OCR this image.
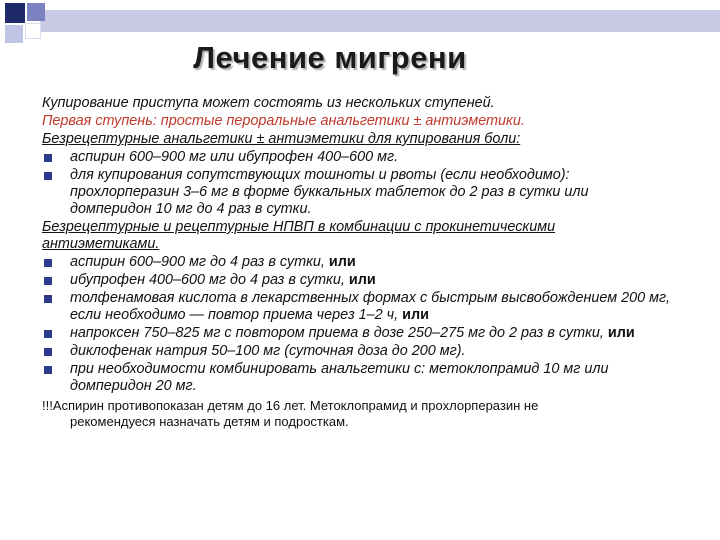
Лечение мигрени

Купирование приступа может состоять из нескольких ступеней.

Первая ступень: простые пероральные анальгетики ± антиэметики.

Безрецептурные анальгетики ± антиэметики для купирования боли:

аспирин 600–900 мг или ибупрофен 400–600 мг.
для купирования сопутствующих тошноты и рвоты (если необходимо): прохлорперазин 3–6 мг в форме буккальных таблеток до 2 раз в сутки или домперидон 10 мг до 4 раз в сутки.

Безрецептурные и рецептурные НПВП в комбинации с прокинетическими антиэметиками.

аспирин 600–900 мг до 4 раз в сутки, или
ибупрофен 400–600 мг до 4 раз в сутки, или
толфенамовая кислота в лекарственных формах с быстрым высвобождением 200 мг, если необходимо — повтор приема через 1–2 ч, или
напроксен 750–825 мг с повтором приема в дозе 250–275 мг до 2 раз в сутки, или
диклофенак натрия 50–100 мг (суточная доза до 200 мг).
при необходимости комбинировать анальгетики с: метоклопрамид 10 мг или домперидон 20 мг.
!!!Аспирин противопоказан детям до 16 лет. Метоклопрамид и прохлорперазин не
рекомендуеся назначать детям и подросткам.
